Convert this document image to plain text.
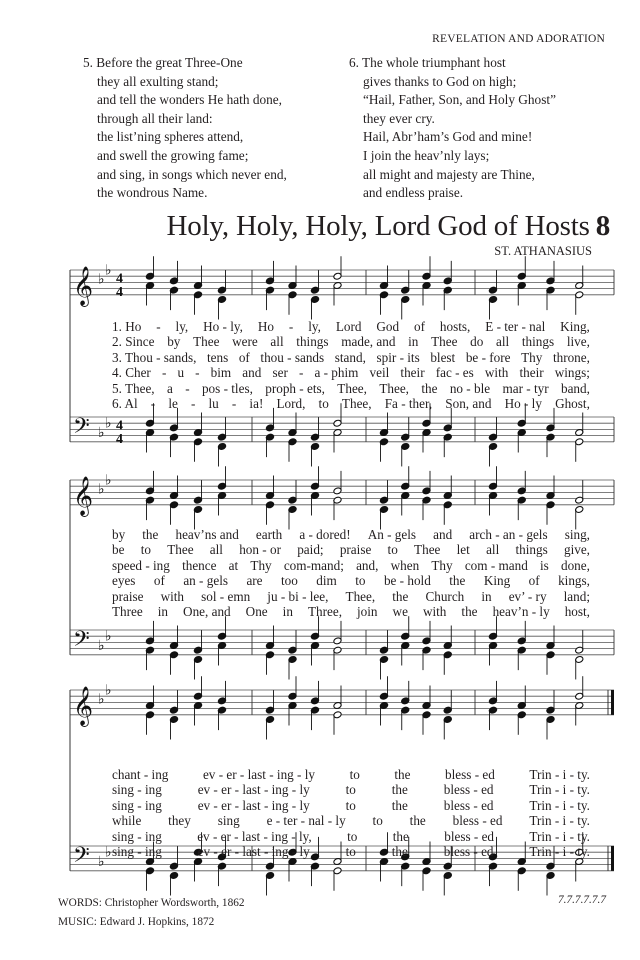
REVELATION AND ADORATION
5. Before the great Three-One
they all exulting stand;
and tell the wonders He hath done,
through all their land:
the list’ning spheres attend,
and swell the growing fame;
and sing, in songs which never end,
the wondrous Name.
6. The whole triumphant host
gives thanks to God on high;
“Hail, Father, Son, and Holy Ghost”
they ever cry.
Hail, Abr’ham’s God and mine!
I join the heav’nly lays;
all might and majesty are Thine,
and endless praise.
Holy, Holy, Holy, Lord God of Hosts 8
ST. ATHANASIUS
𝄞 ♭
♭
4
4
𝄢 ♭
♭ 4
4
𝄞 ♭
♭
𝄢 ♭
♭
𝄞 ♭
♭
𝄢 ♭
♭
1. Ho - ly, Ho - ly, Ho - ly, Lord God of hosts, E - ter - nal King,
2. Since by Thee were all things made, and in Thee do all things live,
3. Thou - sands, tens of thou - sands stand, spir - its blest be - fore Thy throne,
4. Cher - u - bim and ser - a - phim veil their fac - es with their wings;
5. Thee, a - pos - tles, proph - ets, Thee, Thee, the no - ble mar - tyr band,
6. Al - le - lu - ia! Lord, to Thee, Fa - ther, Son, and Ho - ly Ghost,
by the heav’ns and earth a - dored! An - gels and arch - an - gels sing,
be to Thee all hon - or paid; praise to Thee let all things give,
speed - ing thence at Thy com-mand; and, when Thy com - mand is done,
eyes of an - gels are too dim to be - hold the King of kings,
praise with sol - emn ju - bi - lee, Thee, the Church in ev’ - ry land;
Three in One, and One in Three, join we with the heav’n - ly host,
chant - ing	ev - er - last - ing - ly	to	the	bless - ed	Trin - i - ty.
sing - ing	ev - er - last - ing - ly	to	the	bless - ed	Trin - i - ty.
sing - ing	ev - er - last - ing - ly	to	the	bless - ed	Trin - i - ty.
while they sing e - ter - nal - ly to the bless - ed Trin - i - ty.
sing - ing	ev - er - last - ing - ly,	to	the	bless - ed	Trin - i - ty.
sing - ing	ev - er - last - ing - ly	to	the	bless - ed	Trin - i - ty.
WORDS: Christopher Wordsworth, 1862
MUSIC: Edward J. Hopkins, 1872
7.7.7.7.7.7
